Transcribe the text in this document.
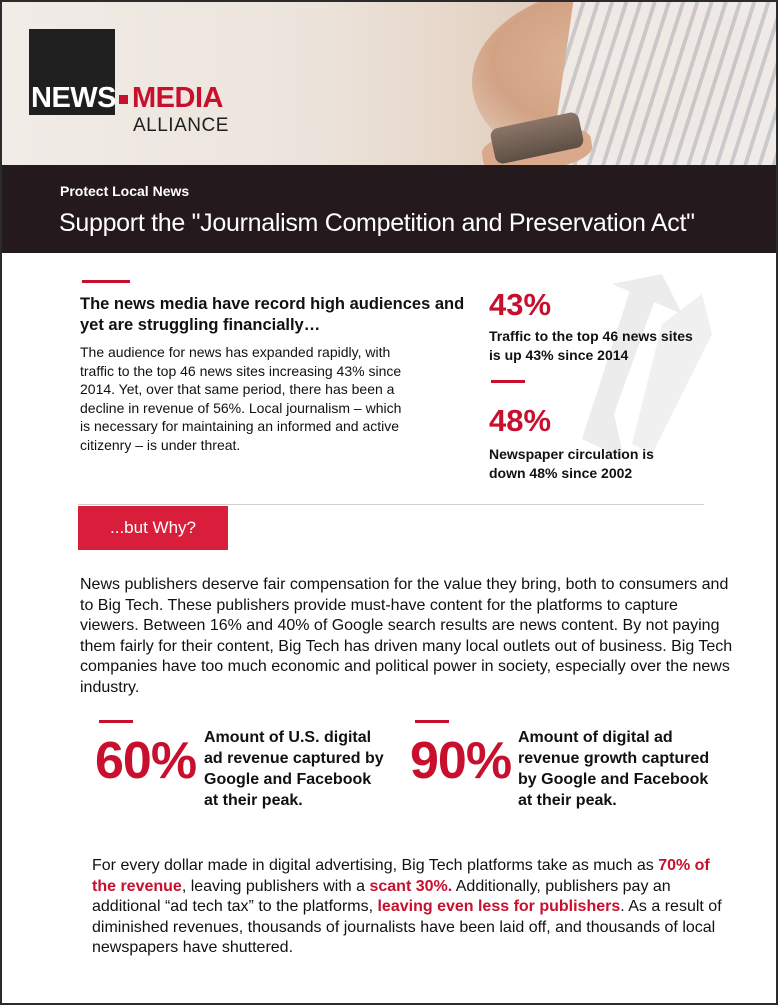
NEWS MEDIA
ALLIANCE
Protect Local News
Support the "Journalism Competition and Preservation Act"
The news media have record high audiences and yet are struggling financially…
The audience for news has expanded rapidly, with traffic to the top 46 news sites increasing 43% since 2014. Yet, over that same period, there has been a decline in revenue of 56%. Local journalism – which is necessary for maintaining an informed and active citizenry – is under threat.
43%
Traffic to the top 46 news sites is up 43% since 2014
48%
Newspaper circulation is down 48% since 2002
...but Why?
News publishers deserve fair compensation for the value they bring, both to consumers and to Big Tech. These publishers provide must-have content for the platforms to capture viewers. Between 16% and 40% of Google search results are news content. By not paying them fairly for their content, Big Tech has driven many local outlets out of business. Big Tech companies have too much economic and political power in society, especially over the news industry.
60% Amount of U.S. digital ad revenue captured by Google and Facebook at their peak.
90% Amount of digital ad revenue growth captured by Google and Facebook at their peak.
For every dollar made in digital advertising, Big Tech platforms take as much as 70% of the revenue, leaving publishers with a scant 30%. Additionally, publishers pay an additional “ad tech tax” to the platforms, leaving even less for publishers. As a result of diminished revenues, thousands of journalists have been laid off, and thousands of local newspapers have shuttered.
